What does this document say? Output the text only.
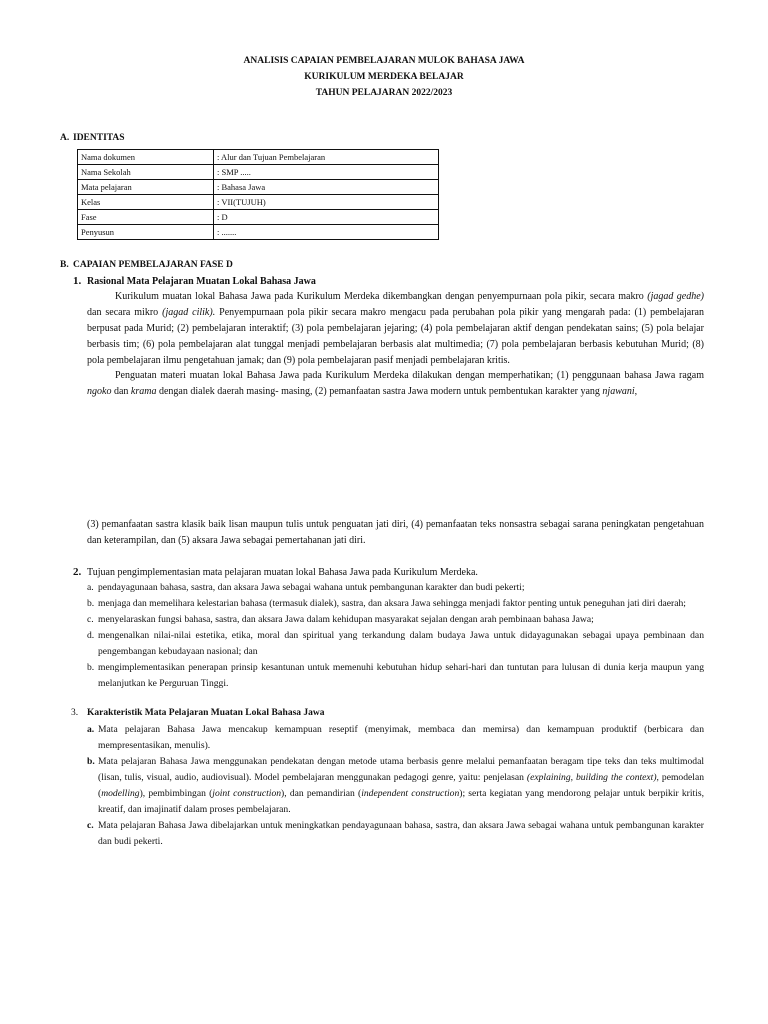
ANALISIS CAPAIAN PEMBELAJARAN MULOK BAHASA JAWA
KURIKULUM MERDEKA BELAJAR
TAHUN PELAJARAN 2022/2023
A. IDENTITAS
Nama dokumen	: Alur dan Tujuan Pembelajaran
Nama Sekolah	: SMP .....
Mata pelajaran	: Bahasa Jawa
Kelas	: VII(TUJUH)
Fase	: D
Penyusun	: .......
B. CAPAIAN PEMBELAJARAN FASE D
1. Rasional Mata Pelajaran Muatan Lokal Bahasa Jawa
Kurikulum muatan lokal Bahasa Jawa pada Kurikulum Merdeka dikembangkan dengan penyempurnaan pola pikir, secara makro (jagad gedhe) dan secara mikro (jagad cilik). Penyempurnaan pola pikir secara makro mengacu pada perubahan pola pikir yang mengarah pada: (1) pembelajaran berpusat pada Murid; (2) pembelajaran interaktif; (3) pola pembelajaran jejaring; (4) pola pembelajaran aktif dengan pendekatan sains; (5) pola belajar berbasis tim; (6) pola pembelajaran alat tunggal menjadi pembelajaran berbasis alat multimedia; (7) pola pembelajaran berbasis kebutuhan Murid; (8) pola pembelajaran ilmu pengetahuan jamak; dan (9) pola pembelajaran pasif menjadi pembelajaran kritis.
Penguatan materi muatan lokal Bahasa Jawa pada Kurikulum Merdeka dilakukan dengan memperhatikan; (1) penggunaan bahasa Jawa ragam ngoko dan krama dengan dialek daerah masing- masing, (2) pemanfaatan sastra Jawa modern untuk pembentukan karakter yang njawani,
(3) pemanfaatan sastra klasik baik lisan maupun tulis untuk penguatan jati diri, (4) pemanfaatan teks nonsastra sebagai sarana peningkatan pengetahuan dan keterampilan, dan (5) aksara Jawa sebagai pemertahanan jati diri.
2. Tujuan pengimplementasian mata pelajaran muatan lokal Bahasa Jawa pada Kurikulum Merdeka.
a. pendayagunaan bahasa, sastra, dan aksara Jawa sebagai wahana untuk pembangunan karakter dan budi pekerti;
b. menjaga dan memelihara kelestarian bahasa (termasuk dialek), sastra, dan aksara Jawa sehingga menjadi faktor penting untuk peneguhan jati diri daerah;
c. menyelaraskan fungsi bahasa, sastra, dan aksara Jawa dalam kehidupan masyarakat sejalan dengan arah pembinaan bahasa Jawa;
d. mengenalkan nilai-nilai estetika, etika, moral dan spiritual yang terkandung dalam budaya Jawa untuk didayagunakan sebagai upaya pembinaan dan pengembangan kebudayaan nasional; dan
b. mengimplementasikan penerapan prinsip kesantunan untuk memenuhi kebutuhan hidup sehari-hari dan tuntutan para lulusan di dunia kerja maupun yang melanjutkan ke Perguruan Tinggi.
3. Karakteristik Mata Pelajaran Muatan Lokal Bahasa Jawa
a. Mata pelajaran Bahasa Jawa mencakup kemampuan reseptif (menyimak, membaca dan memirsa) dan kemampuan produktif (berbicara dan mempresentasikan, menulis).
b. Mata pelajaran Bahasa Jawa menggunakan pendekatan dengan metode utama berbasis genre melalui pemanfaatan beragam tipe teks dan teks multimodal (lisan, tulis, visual, audio, audiovisual). Model pembelajaran menggunakan pedagogi genre, yaitu: penjelasan (explaining, building the context), pemodelan (modelling), pembimbingan (joint construction), dan pemandirian (independent construction); serta kegiatan yang mendorong pelajar untuk berpikir kritis, kreatif, dan imajinatif dalam proses pembelajaran.
c. Mata pelajaran Bahasa Jawa dibelajarkan untuk meningkatkan pendayagunaan bahasa, sastra, dan aksara Jawa sebagai wahana untuk pembangunan karakter dan budi pekerti.
